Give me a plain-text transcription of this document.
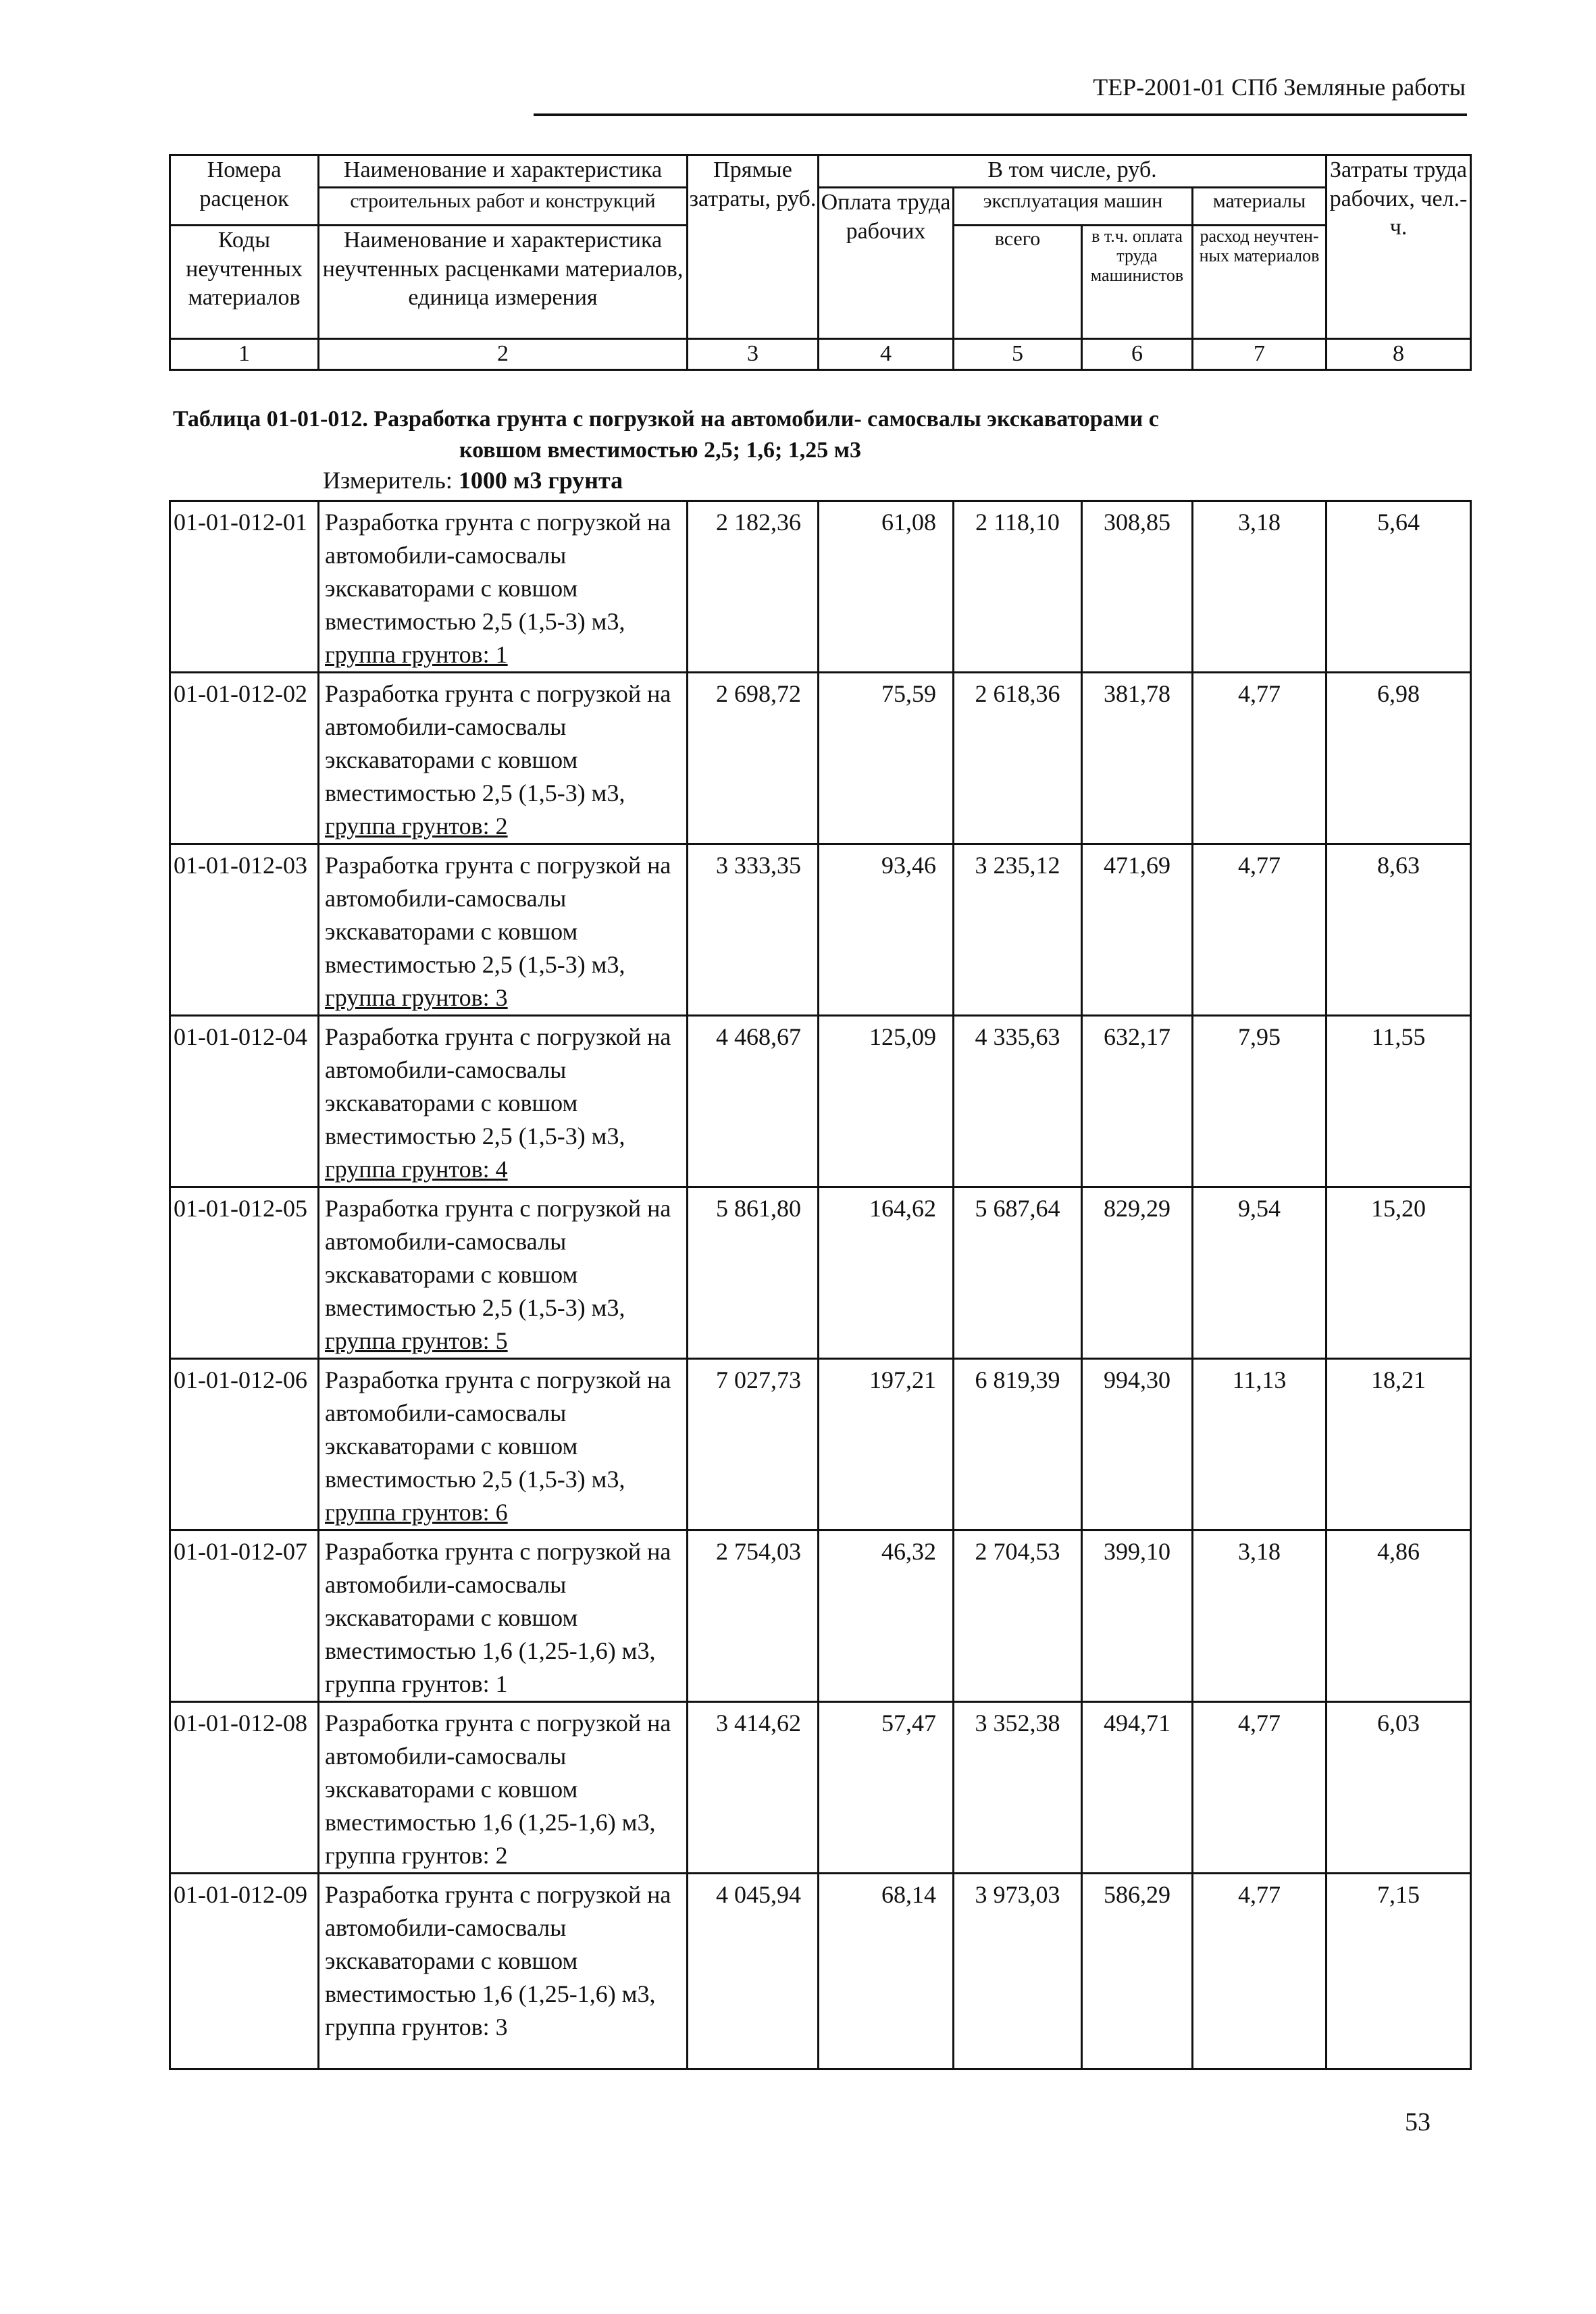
ТЕР-2001-01 СПб Земляные работы
Номера расценок	Наименование и характеристика	Прямые затраты, руб.	В том числе, руб.				Затраты труда рабочих, чел.-ч.
	строительных работ и конструкций		Оплата труда рабочих	эксплуатация машин		материалы	
Коды неучтенных материалов	Наименование и характеристика неучтенных расценками материалов, единица измерения			всего	в т.ч. оплата труда машинистов	расход неучтен- ных материалов	

1	2	3	4	5	6	7	8
Таблица 01-01-012. Разработка грунта с погрузкой на автомобили- самосвалы экскаваторами с
ковшом вместимостью 2,5; 1,6; 1,25 м3
Измеритель: 1000 м3 грунта
01-01-012-01	Разработка грунта с погрузкой на автомобили-самосвалы экскаваторами с ковшом вместимостью 2,5 (1,5-3) м3, группа грунтов: 1	2 182,36	61,08	2 118,10	308,85	3,18	5,64
01-01-012-02	Разработка грунта с погрузкой на автомобили-самосвалы экскаваторами с ковшом вместимостью 2,5 (1,5-3) м3, группа грунтов: 2	2 698,72	75,59	2 618,36	381,78	4,77	6,98
01-01-012-03	Разработка грунта с погрузкой на автомобили-самосвалы экскаваторами с ковшом вместимостью 2,5 (1,5-3) м3, группа грунтов: 3	3 333,35	93,46	3 235,12	471,69	4,77	8,63
01-01-012-04	Разработка грунта с погрузкой на автомобили-самосвалы экскаваторами с ковшом вместимостью 2,5 (1,5-3) м3, группа грунтов: 4	4 468,67	125,09	4 335,63	632,17	7,95	11,55
01-01-012-05	Разработка грунта с погрузкой на автомобили-самосвалы экскаваторами с ковшом вместимостью 2,5 (1,5-3) м3, группа грунтов: 5	5 861,80	164,62	5 687,64	829,29	9,54	15,20
01-01-012-06	Разработка грунта с погрузкой на автомобили-самосвалы экскаваторами с ковшом вместимостью 2,5 (1,5-3) м3, группа грунтов: 6	7 027,73	197,21	6 819,39	994,30	11,13	18,21
01-01-012-07	Разработка грунта с погрузкой на автомобили-самосвалы экскаваторами с ковшом вместимостью 1,6 (1,25-1,6) м3, группа грунтов: 1	2 754,03	46,32	2 704,53	399,10	3,18	4,86
01-01-012-08	Разработка грунта с погрузкой на автомобили-самосвалы экскаваторами с ковшом вместимостью 1,6 (1,25-1,6) м3, группа грунтов: 2	3 414,62	57,47	3 352,38	494,71	4,77	6,03
01-01-012-09	Разработка грунта с погрузкой на автомобили-самосвалы экскаваторами с ковшом вместимостью 1,6 (1,25-1,6) м3, группа грунтов: 3	4 045,94	68,14	3 973,03	586,29	4,77	7,15
53
